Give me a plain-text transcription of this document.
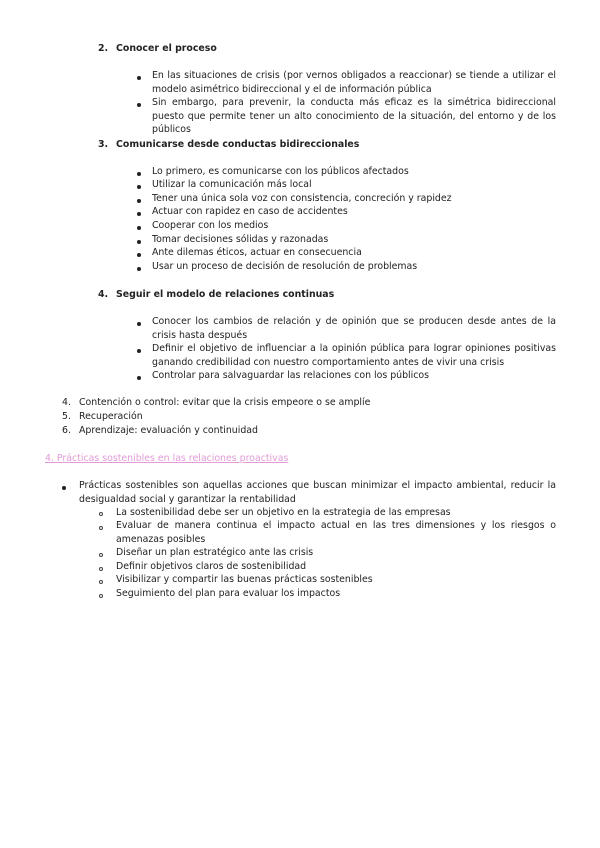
2. Conocer el proceso
En las situaciones de crisis (por vernos obligados a reaccionar) se tiende a utilizar el modelo asimétrico bidireccional y el de información pública
Sin embargo, para prevenir, la conducta más eficaz es la simétrica bidireccional puesto que permite tener un alto conocimiento de la situación, del entorno y de los públicos
3. Comunicarse desde conductas bidireccionales
Lo primero, es comunicarse con los públicos afectados
Utilizar la comunicación más local
Tener una única sola voz con consistencia, concreción y rapidez
Actuar con rapidez en caso de accidentes
Cooperar con los medios
Tomar decisiones sólidas y razonadas
Ante dilemas éticos, actuar en consecuencia
Usar un proceso de decisión de resolución de problemas
4. Seguir el modelo de relaciones continuas
Conocer los cambios de relación y de opinión que se producen desde antes de la crisis hasta después
Definir el objetivo de influenciar a la opinión pública para lograr opiniones positivas ganando credibilidad con nuestro comportamiento antes de vivir una crisis
Controlar para salvaguardar las relaciones con los públicos
4. Contención o control: evitar que la crisis empeore o se amplíe
5. Recuperación
6. Aprendizaje: evaluación y continuidad
4. Prácticas sostenibles en las relaciones proactivas
Prácticas sostenibles son aquellas acciones que buscan minimizar el impacto ambiental, reducir la desigualdad social y garantizar la rentabilidad
La sostenibilidad debe ser un objetivo en la estrategia de las empresas
Evaluar de manera continua el impacto actual en las tres dimensiones y los riesgos o amenazas posibles
Diseñar un plan estratégico ante las crisis
Definir objetivos claros de sostenibilidad
Visibilizar y compartir las buenas prácticas sostenibles
Seguimiento del plan para evaluar los impactos
